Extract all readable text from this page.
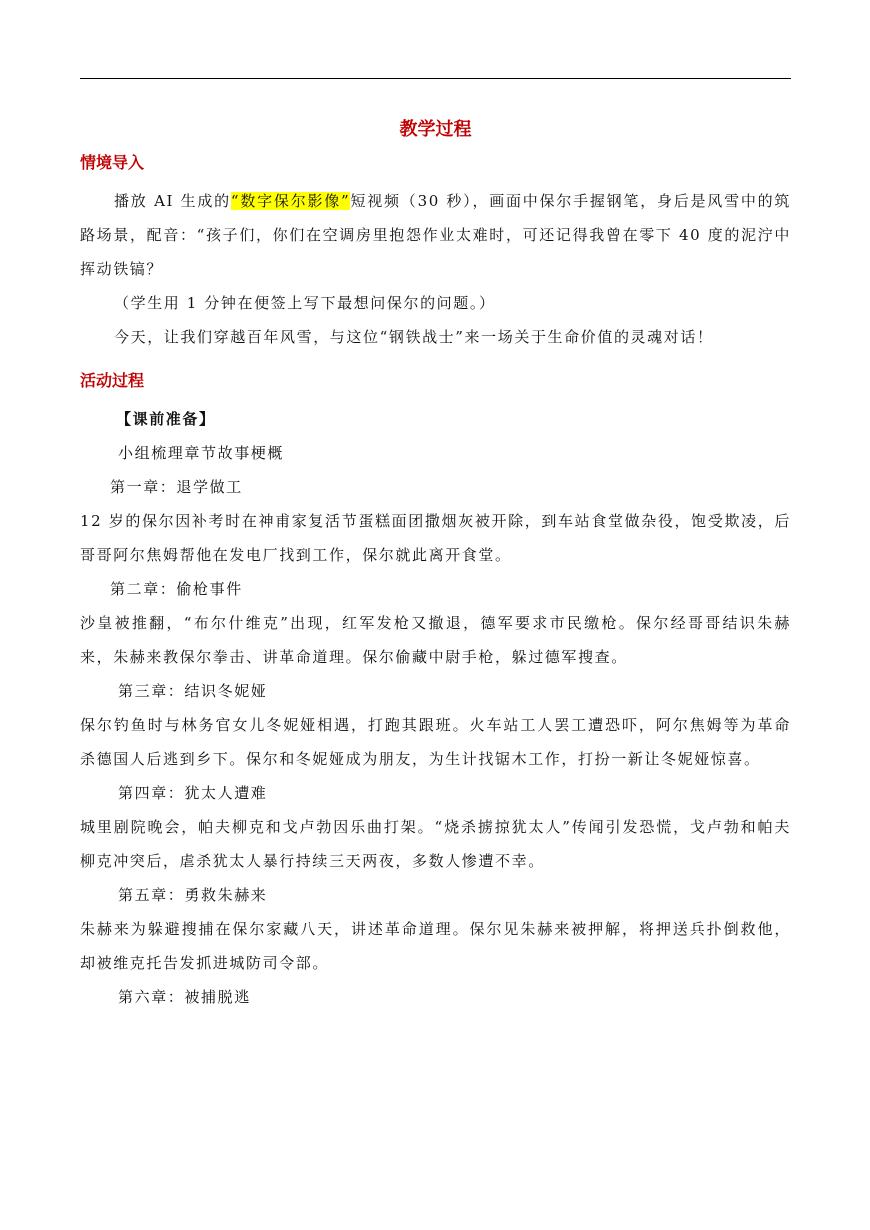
教学过程
情境导入

播放 AI 生成的“数字保尔影像”短视频（30 秒），画面中保尔手握钢笔，身后是风雪中的筑路场景，配音：“孩子们，你们在空调房里抱怨作业太难时，可还记得我曾在零下 40 度的泥泞中挥动铁镐？

（学生用 1 分钟在便签上写下最想问保尔的问题。）

今天，让我们穿越百年风雪，与这位“钢铁战士”来一场关于生命价值的灵魂对话！

活动过程

【课前准备】

小组梳理章节故事梗概

第一章：退学做工

12 岁的保尔因补考时在神甫家复活节蛋糕面团撒烟灰被开除，到车站食堂做杂役，饱受欺凌，后哥哥阿尔焦姆帮他在发电厂找到工作，保尔就此离开食堂。

第二章：偷枪事件

沙皇被推翻，“布尔什维克”出现，红军发枪又撤退，德军要求市民缴枪。保尔经哥哥结识朱赫来，朱赫来教保尔拳击、讲革命道理。保尔偷藏中尉手枪，躲过德军搜查。

第三章：结识冬妮娅

保尔钓鱼时与林务官女儿冬妮娅相遇，打跑其跟班。火车站工人罢工遭恐吓，阿尔焦姆等为革命杀德国人后逃到乡下。保尔和冬妮娅成为朋友，为生计找锯木工作，打扮一新让冬妮娅惊喜。

第四章：犹太人遭难

城里剧院晚会，帕夫柳克和戈卢勃因乐曲打架。“烧杀掳掠犹太人”传闻引发恐慌，戈卢勃和帕夫柳克冲突后，虐杀犹太人暴行持续三天两夜，多数人惨遭不幸。

第五章：勇救朱赫来

朱赫来为躲避搜捕在保尔家藏八天，讲述革命道理。保尔见朱赫来被押解，将押送兵扑倒救他，却被维克托告发抓进城防司令部。

第六章：被捕脱逃
